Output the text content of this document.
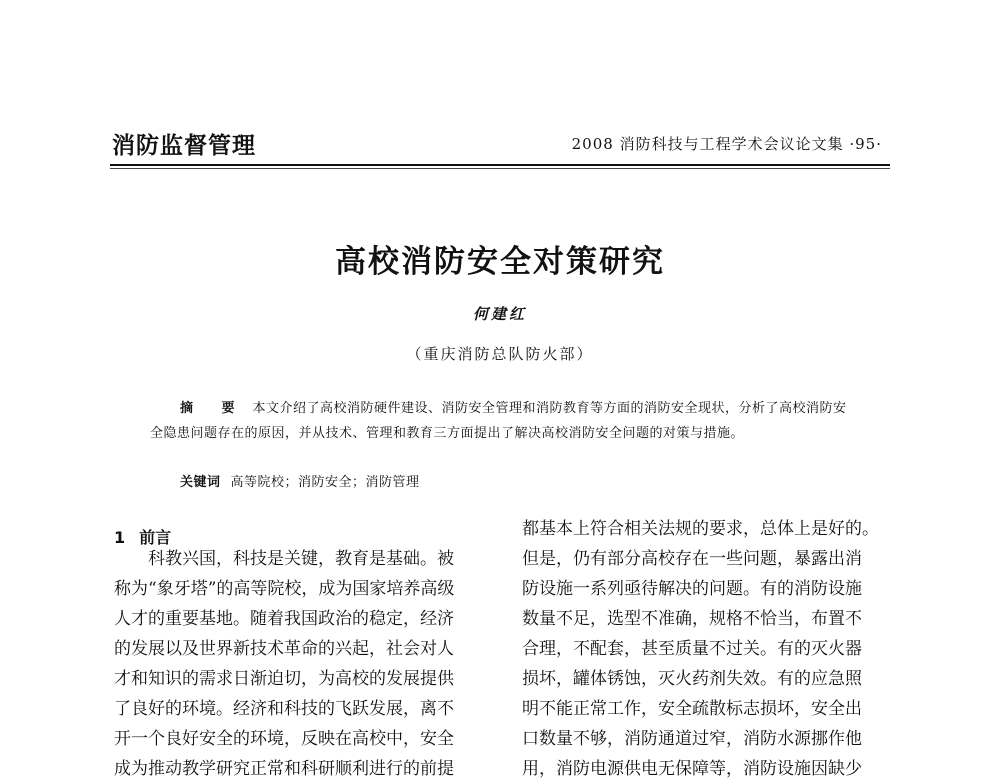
消防监督管理	2008 消防科技与工程学术会议论文集 ·95·
高校消防安全对策研究
何建红
（重庆消防总队防火部）
摘 要 本文介绍了高校消防硬件建设、消防安全管理和消防教育等方面的消防安全现状，分析了高校消防安全隐患问题存在的原因，并从技术、管理和教育三方面提出了解决高校消防安全问题的对策与措施。
关键词 高等院校；消防安全；消防管理
1 前言
科教兴国，科技是关键，教育是基础。被
称为“象牙塔”的高等院校，成为国家培养高级
人才的重要基地。随着我国政治的稳定，经济
的发展以及世界新技术革命的兴起，社会对人
才和知识的需求日渐迫切，为高校的发展提供
了良好的环境。经济和科技的飞跃发展，离不
开一个良好安全的环境，反映在高校中，安全
成为推动教学研究正常和科研顺利进行的前提
都基本上符合相关法规的要求，总体上是好的。
但是，仍有部分高校存在一些问题，暴露出消
防设施一系列亟待解决的问题。有的消防设施
数量不足，选型不准确，规格不恰当，布置不
合理，不配套，甚至质量不过关。有的灭火器
损坏，罐体锈蚀，灭火药剂失效。有的应急照
明不能正常工作，安全疏散标志损坏，安全出
口数量不够，消防通道过窄，消防水源挪作他
用，消防电源供电无保障等，消防设施因缺少
